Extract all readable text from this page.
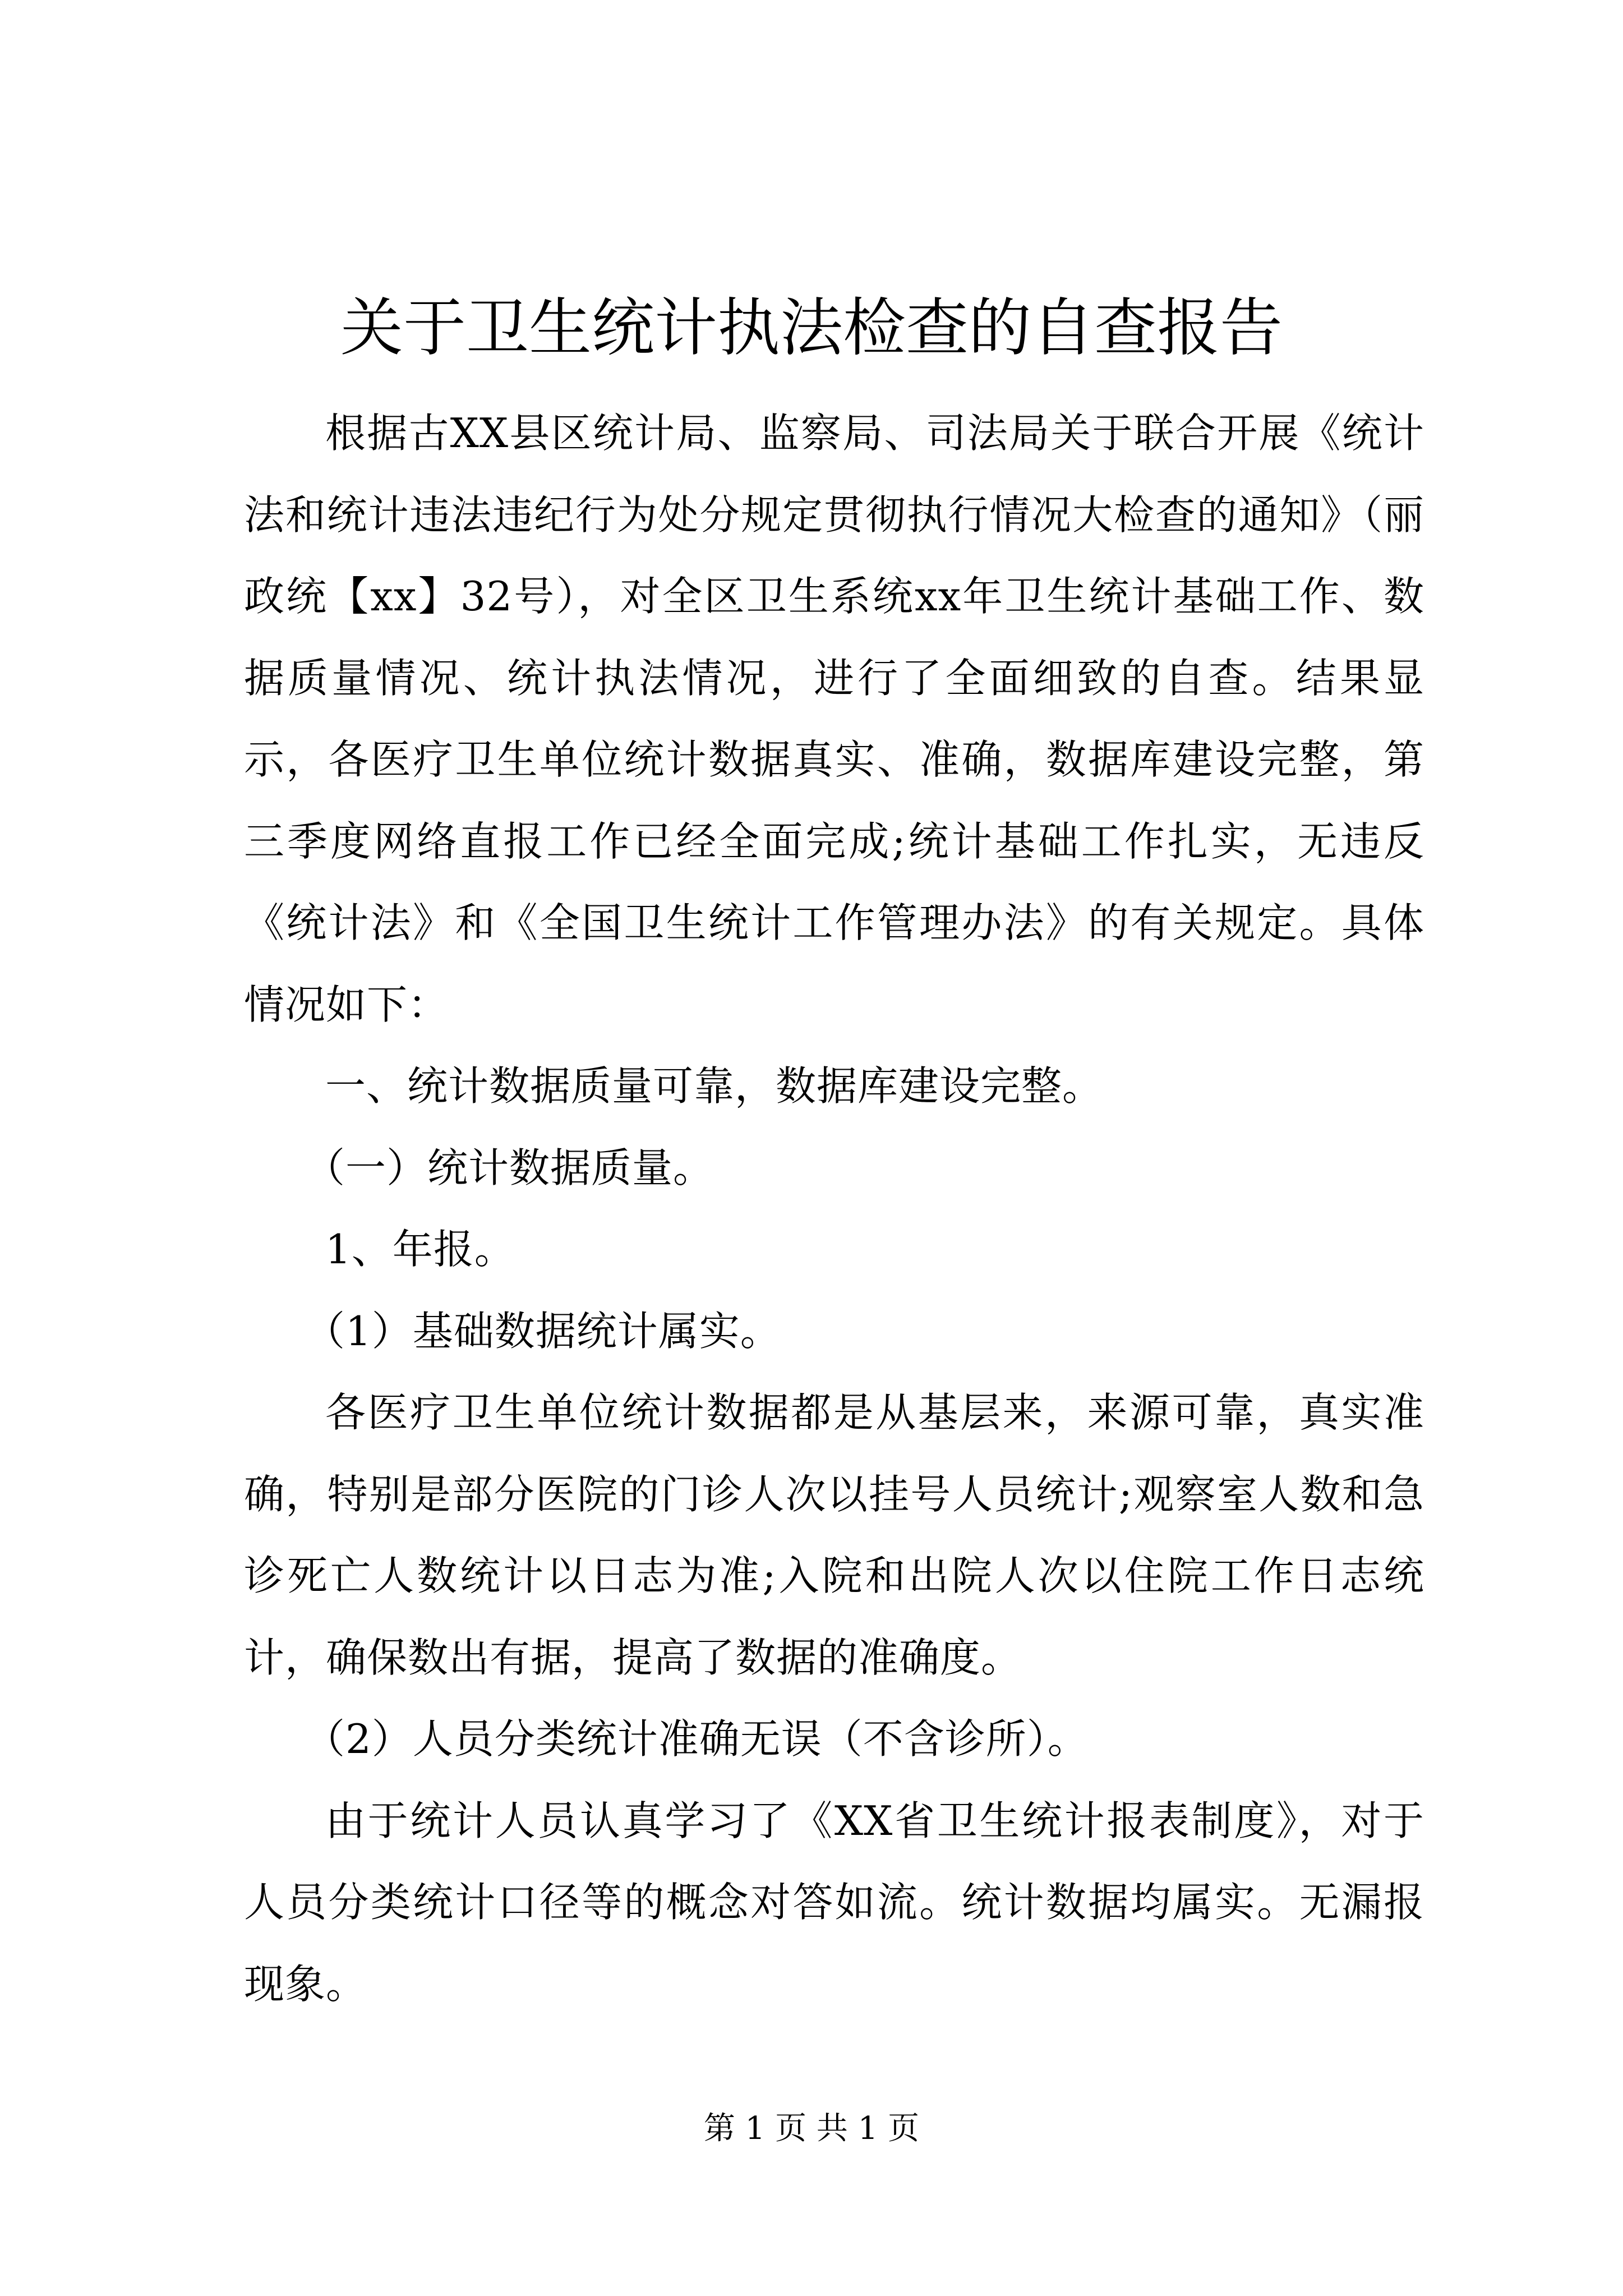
关于卫生统计执法检查的自查报告

根据古XX县区统计局、监察局、司法局关于联合开展《统计法和统计违法违纪行为处分规定贯彻执行情况大检查的通知》（丽政统【xx】32号），对全区卫生系统xx年卫生统计基础工作、数据质量情况、统计执法情况，进行了全面细致的自查。结果显示，各医疗卫生单位统计数据真实、准确，数据库建设完整，第三季度网络直报工作已经全面完成;统计基础工作扎实，无违反《统计法》和《全国卫生统计工作管理办法》的有关规定。具体情况如下：

一、统计数据质量可靠，数据库建设完整。

（一）统计数据质量。

1、年报。

（1）基础数据统计属实。

各医疗卫生单位统计数据都是从基层来，来源可靠，真实准确，特别是部分医院的门诊人次以挂号人员统计;观察室人数和急诊死亡人数统计以日志为准;入院和出院人次以住院工作日志统计，确保数出有据，提高了数据的准确度。

（2）人员分类统计准确无误（不含诊所）。

由于统计人员认真学习了《XX省卫生统计报表制度》，对于人员分类统计口径等的概念对答如流。统计数据均属实。无漏报现象。

第 1 页 共 1 页
